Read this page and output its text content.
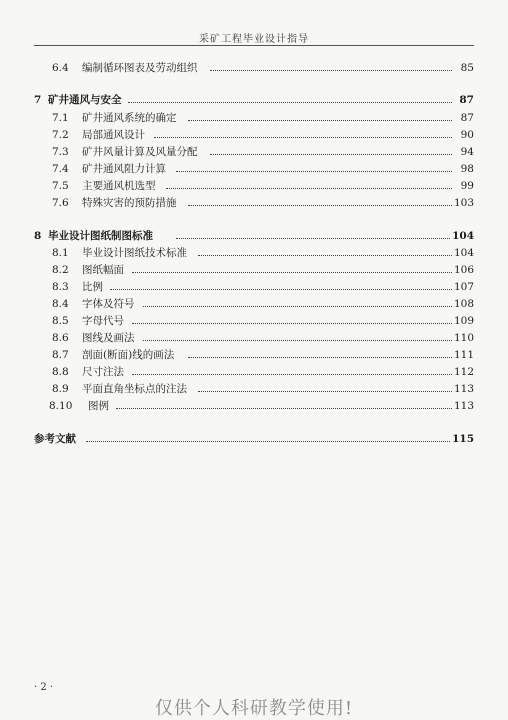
采矿工程毕业设计指导
6.4 编制循环图表及劳动组织	85
7 矿井通风与安全	87
7.1 矿井通风系统的确定	87
7.2 局部通风设计	90
7.3 矿井风量计算及风量分配	94
7.4 矿井通风阻力计算	98
7.5 主要通风机选型	99
7.6 特殊灾害的预防措施	103
8 毕业设计图纸制图标准	104
8.1 毕业设计图纸技术标准	104
8.2 图纸幅面	106
8.3 比例	107
8.4 字体及符号	108
8.5 字母代号	109
8.6 图线及画法	110
8.7 剖面(断面)线的画法	111
8.8 尺寸注法	112
8.9 平面直角坐标点的注法	113
8.10 图例	113
参考文献	115
· 2 ·
仅供个人科研教学使用!
